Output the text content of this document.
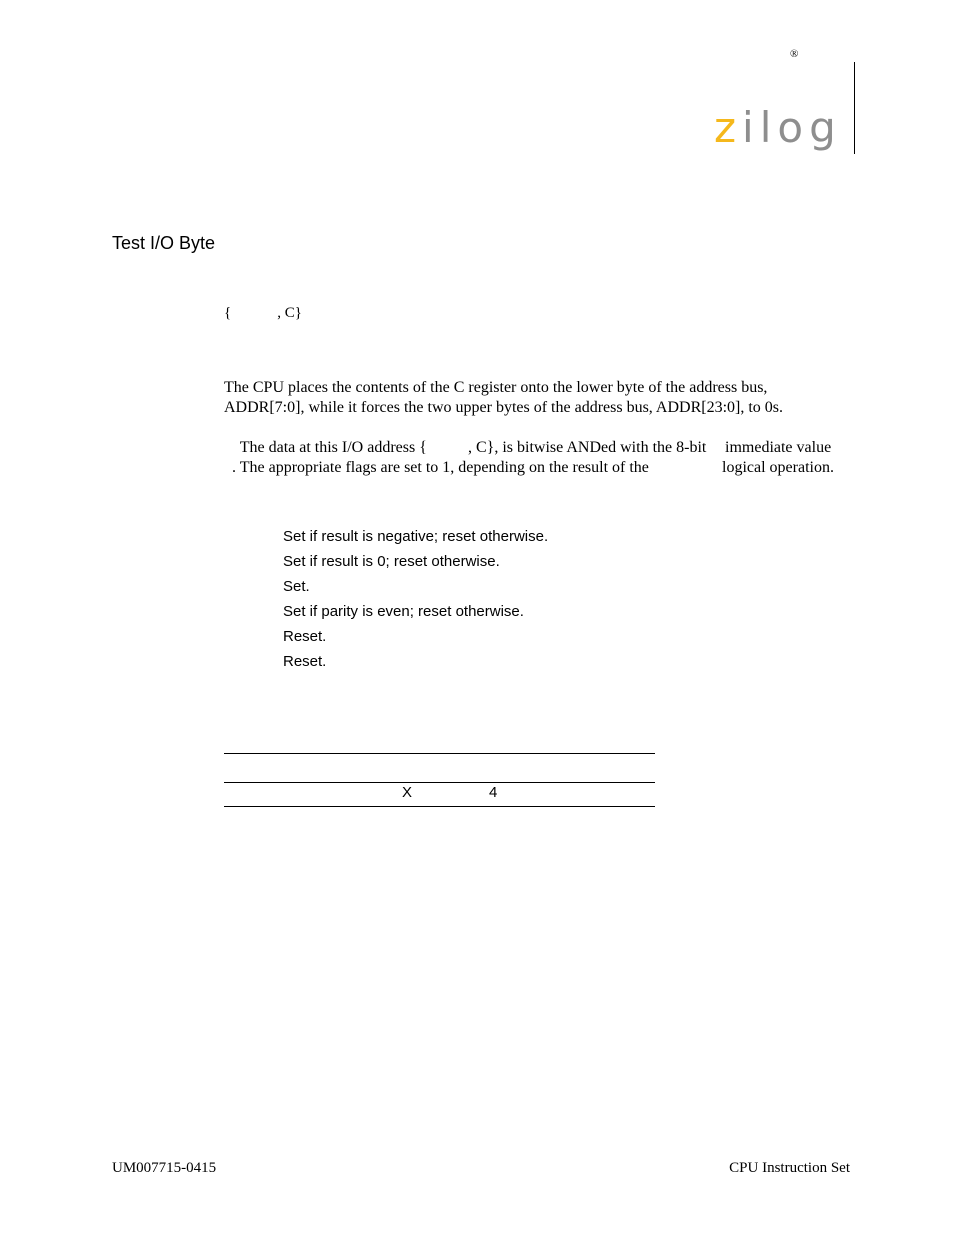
®
zilog
Test I/O Byte
{	, C}
The CPU places the contents of the C register onto the lower byte of the address bus,
ADDR[7:0], while it forces the two upper bytes of the address bus, ADDR[23:0], to 0s.

The data at this I/O address {	, C}, is bitwise ANDed with the 8-bit immediate value

. The appropriate flags are set to 1, depending on the result of the	logical operation.

Set if result is negative; reset otherwise.
Set if result is 0; reset otherwise.
Set.
Set if parity is even; reset otherwise.
Reset.
Reset.
X	4
UM007715-0415	CPU Instruction Set
